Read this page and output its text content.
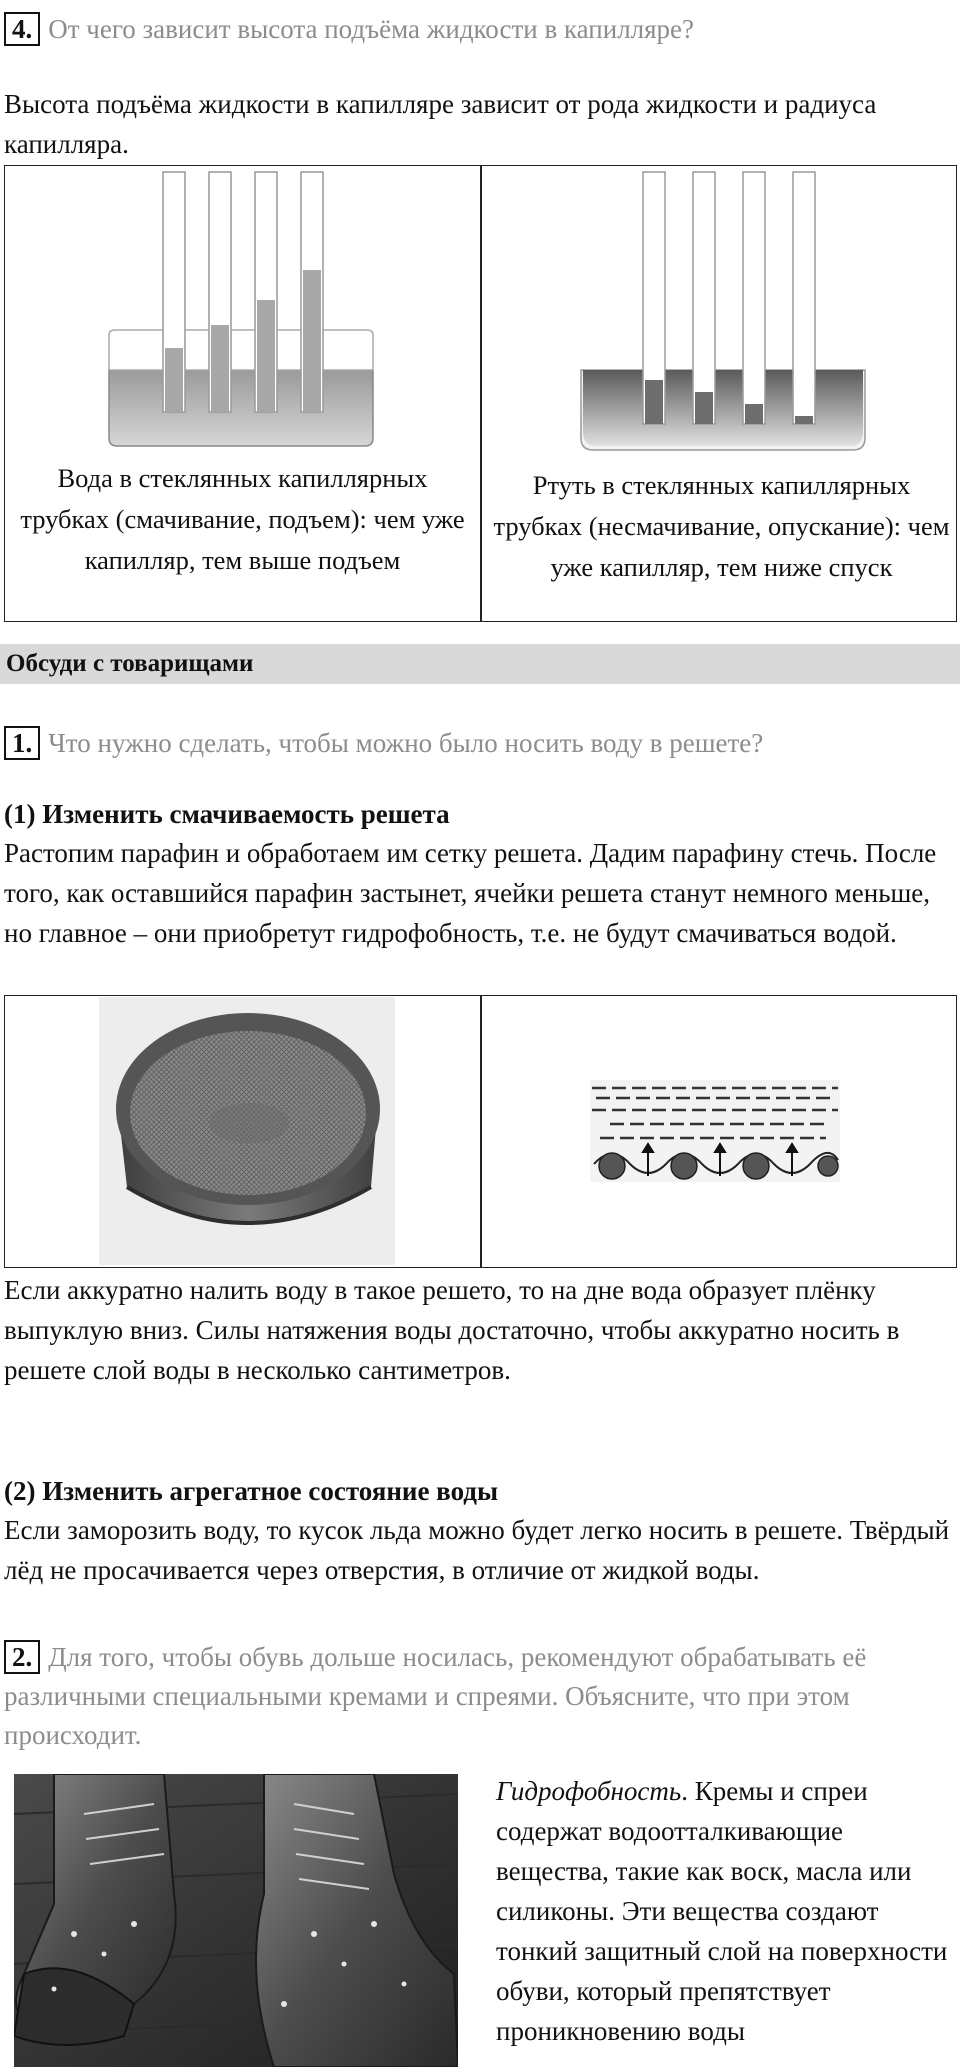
4. От чего зависит высота подъёма жидкости в капилляре?
Высота подъёма жидкости в капилляре зависит от рода жидкости и радиуса капилляра.
Вода в стеклянных капиллярных трубках (смачивание, подъем): чем уже капилляр, тем выше подъем
Ртуть в стеклянных капиллярных трубках (несмачивание, опускание): чем уже капилляр, тем ниже спуск
Обсуди с товарищами
1. Что нужно сделать, чтобы можно было носить воду в решете?
(1) Изменить смачиваемость решета
Растопим парафин и обработаем им сетку решета. Дадим парафину стечь. После того, как оставшийся парафин застынет, ячейки решета станут немного меньше, но главное – они приобретут гидрофобность, т.е. не будут смачиваться водой.
Если аккуратно налить воду в такое решето, то на дне вода образует плёнку выпуклую вниз. Силы натяжения воды достаточно, чтобы аккуратно носить в решете слой воды в несколько сантиметров.
(2) Изменить агрегатное состояние воды
Если заморозить воду, то кусок льда можно будет легко носить в решете. Твёрдый лёд не просачивается через отверстия, в отличие от жидкой воды.
2. Для того, чтобы обувь дольше носилась, рекомендуют обрабатывать её различными специальными кремами и спреями. Объясните, что при этом происходит.
Гидрофобность. Кремы и спреи содержат водоотталкивающие вещества, такие как воск, масла или силиконы. Эти вещества создают тонкий защитный слой на поверхности обуви, который препятствует проникновению воды
